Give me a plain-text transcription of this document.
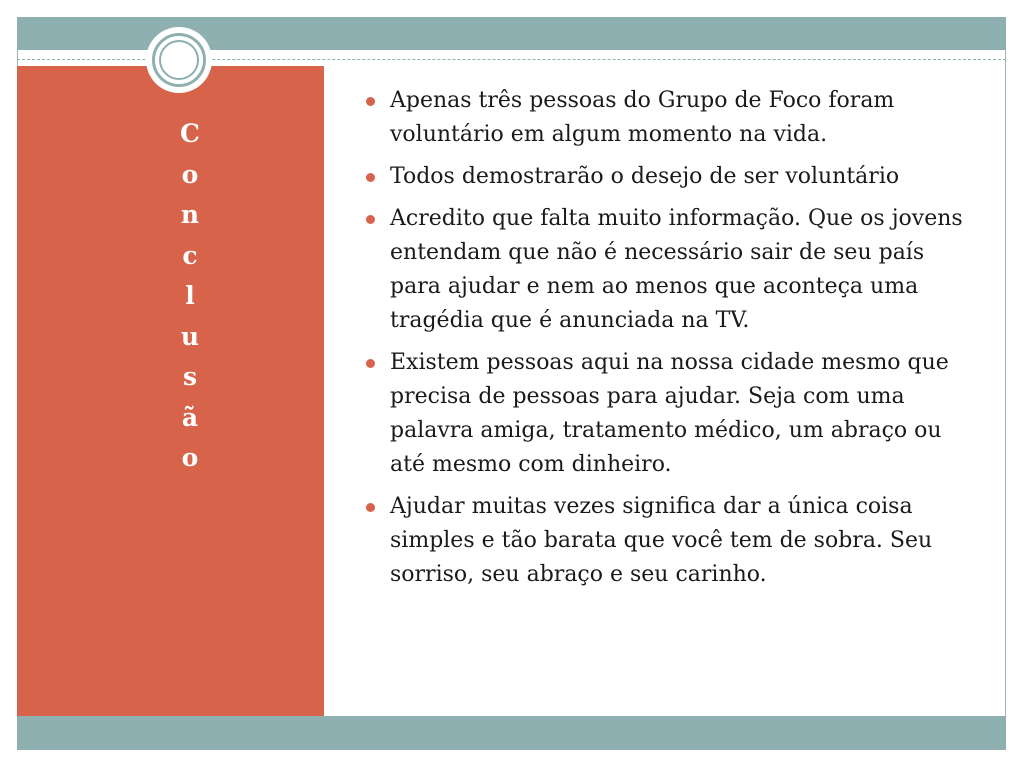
C
o
n
c
l
u
s
ã
o
Apenas três pessoas do Grupo de Foco foram voluntário em algum momento na vida.
Todos demostrarão o desejo de ser voluntário
Acredito que falta muito informação. Que os jovens entendam que não é necessário sair de seu país para ajudar e nem ao menos que aconteça uma tragédia que é anunciada na TV.
Existem pessoas aqui na nossa cidade mesmo que precisa de pessoas para ajudar. Seja com uma palavra amiga, tratamento médico, um abraço ou até mesmo com dinheiro.
Ajudar muitas vezes significa dar a única coisa simples e tão barata que você tem de sobra. Seu sorriso, seu abraço e seu carinho.
